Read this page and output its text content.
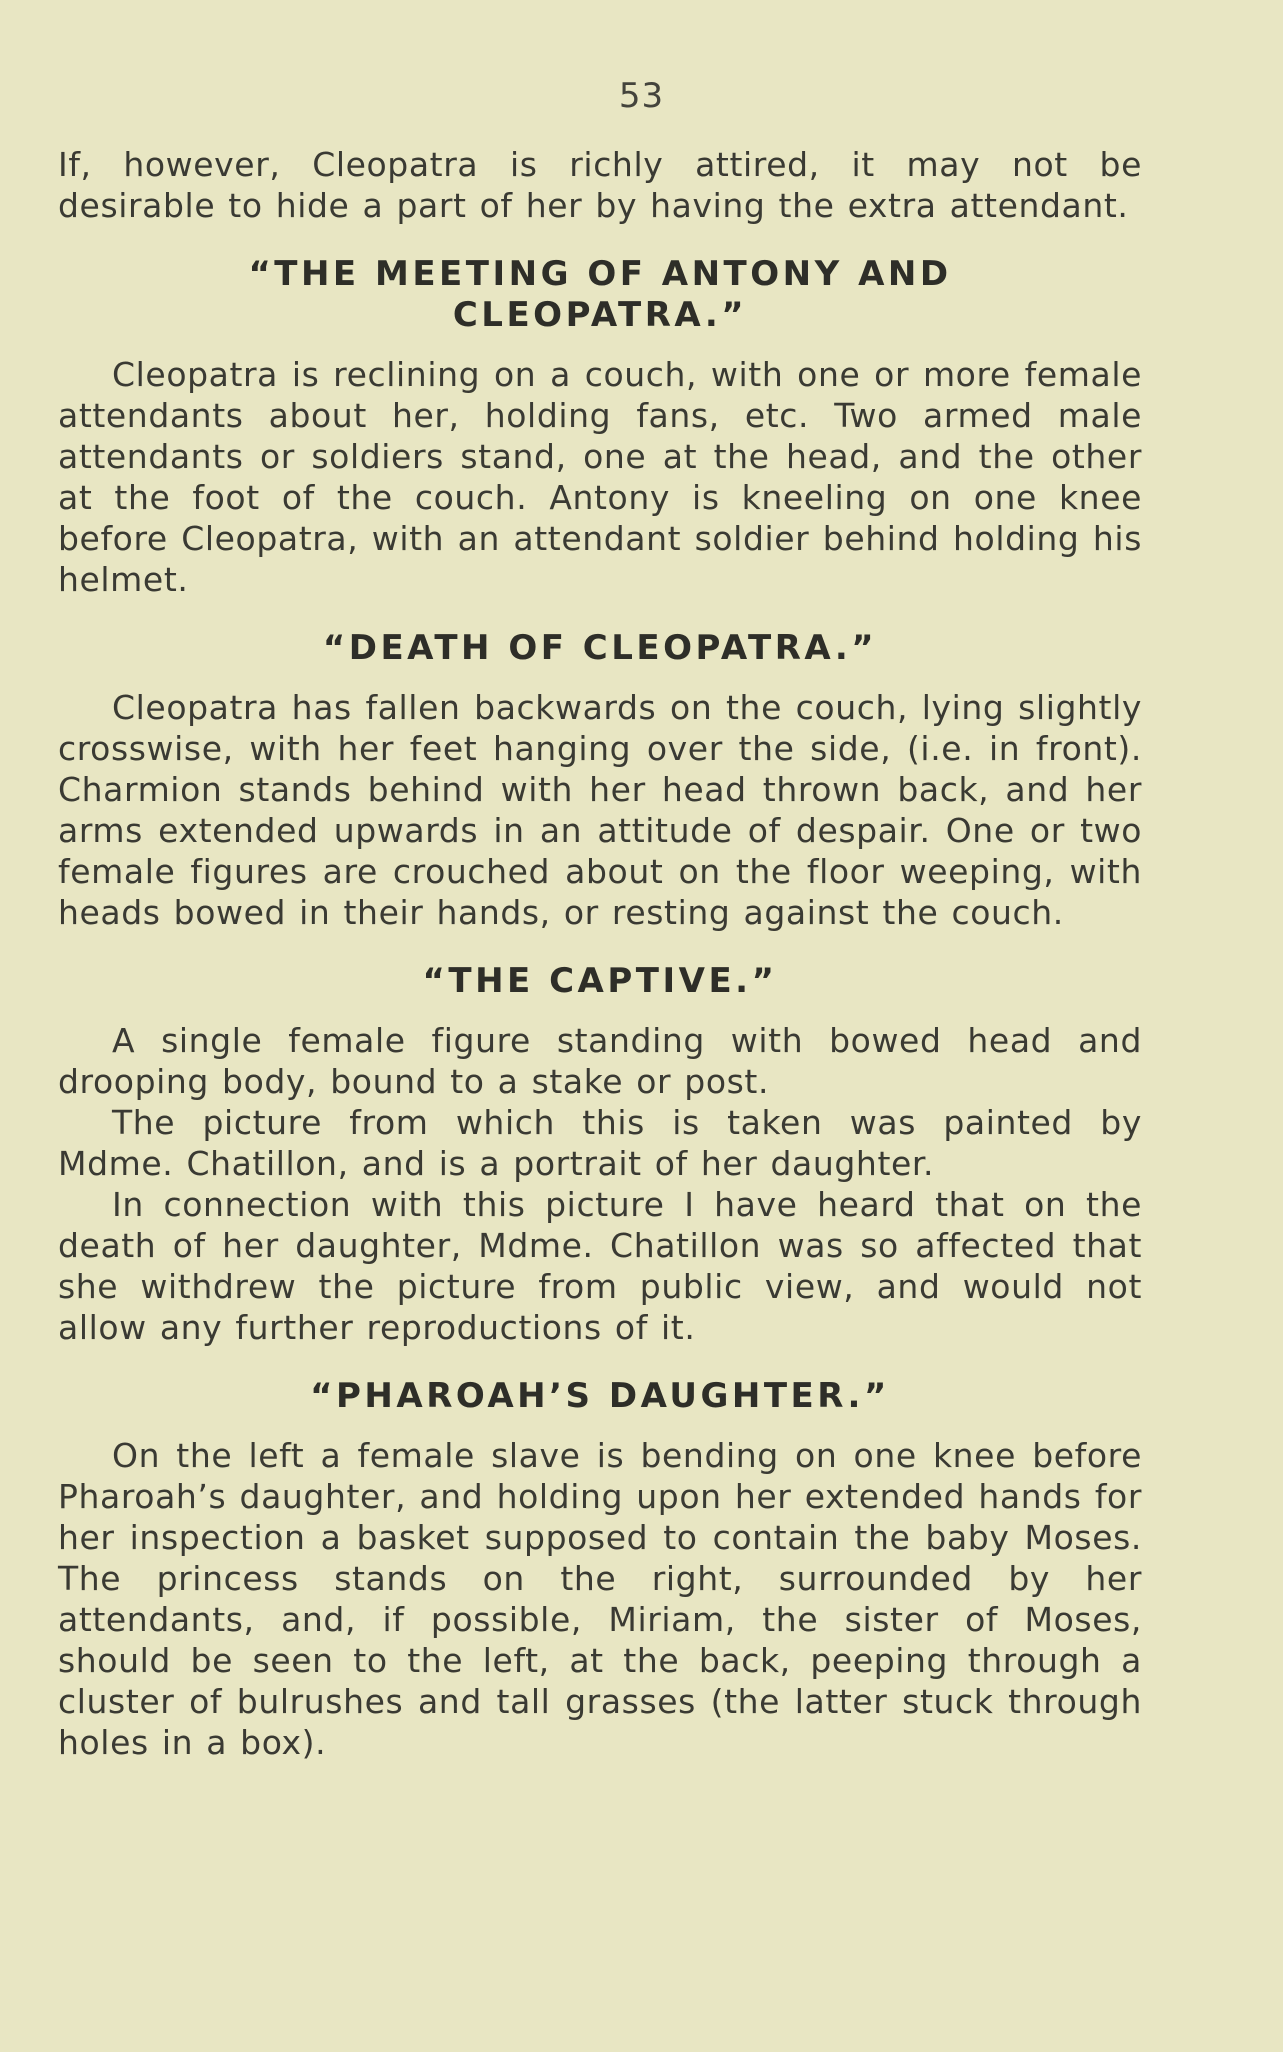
53

If, however, Cleopatra is richly attired, it may not be desirable to hide a part of her by having the extra attendant.

“THE MEETING OF ANTONY AND
CLEOPATRA.”

Cleopatra is reclining on a couch, with one or more female attendants about her, holding fans, etc. Two armed male attendants or soldiers stand, one at the head, and the other at the foot of the couch. Antony is kneeling on one knee before Cleopatra, with an attendant soldier behind holding his helmet.

“DEATH OF CLEOPATRA.”

Cleopatra has fallen backwards on the couch, lying slightly crosswise, with her feet hanging over the side, (i.e. in front). Charmion stands behind with her head thrown back, and her arms extended upwards in an attitude of despair. One or two female figures are crouched about on the floor weeping, with heads bowed in their hands, or resting against the couch.

“THE CAPTIVE.”

A single female figure standing with bowed head and drooping body, bound to a stake or post.

The picture from which this is taken was painted by Mdme. Chatillon, and is a portrait of her daughter.

In connection with this picture I have heard that on the death of her daughter, Mdme. Chatillon was so affected that she withdrew the picture from public view, and would not allow any further reproductions of it.

“PHAROAH’S DAUGHTER.”

On the left a female slave is bending on one knee before Pharoah’s daughter, and holding upon her extended hands for her inspection a basket supposed to contain the baby Moses. The princess stands on the right, surrounded by her attendants, and, if possible, Miriam, the sister of Moses, should be seen to the left, at the back, peeping through a cluster of bulrushes and tall grasses (the latter stuck through holes in a box).
